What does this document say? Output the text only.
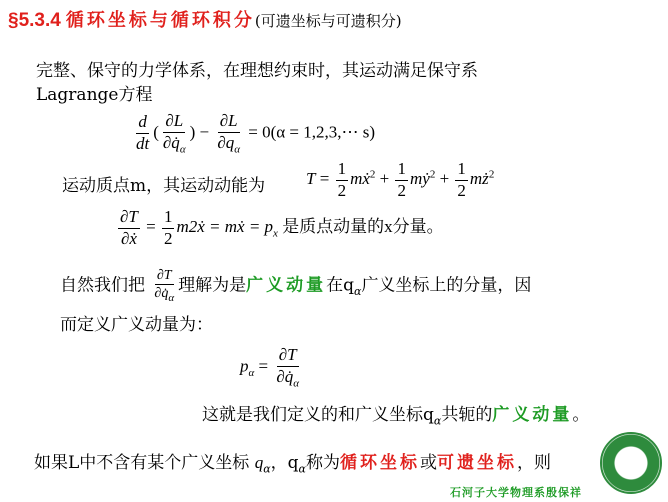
§5.3.4 循环坐标与循环积分(可遗坐标与可遗积分)
完整、保守的力学体系，在理想约束时，其运动满足保守系
Lagrange方程
$\frac{d}{dt}$ ( $\frac{\partial L}{\partial q̇_\alpha}$ ) − $\frac{\partial L}{\partial q_\alpha} = 0(\alpha$ = 1,2,3,⋯ s)
运动质点m，其运动动能为 $T = \frac{1}{2}$ mẋ$^2$ + $\frac{1}{2}$ mẏ$^2$ + $\frac{1}{2}$ $mż^2$
$\frac{\partial T}{\text{∂ẋ}} = \frac{1}{2}$ m2ẋ = mẋ = $p_x$ 是质点动量的x分量。
自然我们把 $\frac{\partial T}{\partial q̇_\alpha}$ 理解为是广义动量在$q_\alpha$广义坐标上的分量，因
而定义广义动量为：
$p_\alpha = \frac{\partial T}{\partial q̇_\alpha}$
这就是我们定义的和广义坐标$q_\alpha$共轭的广义动量。
如果L中不含有某个广义坐标 $q_\alpha$，$q_\alpha$称为循环坐标或可遗坐标，则
石河子大学物理系殷保祥
